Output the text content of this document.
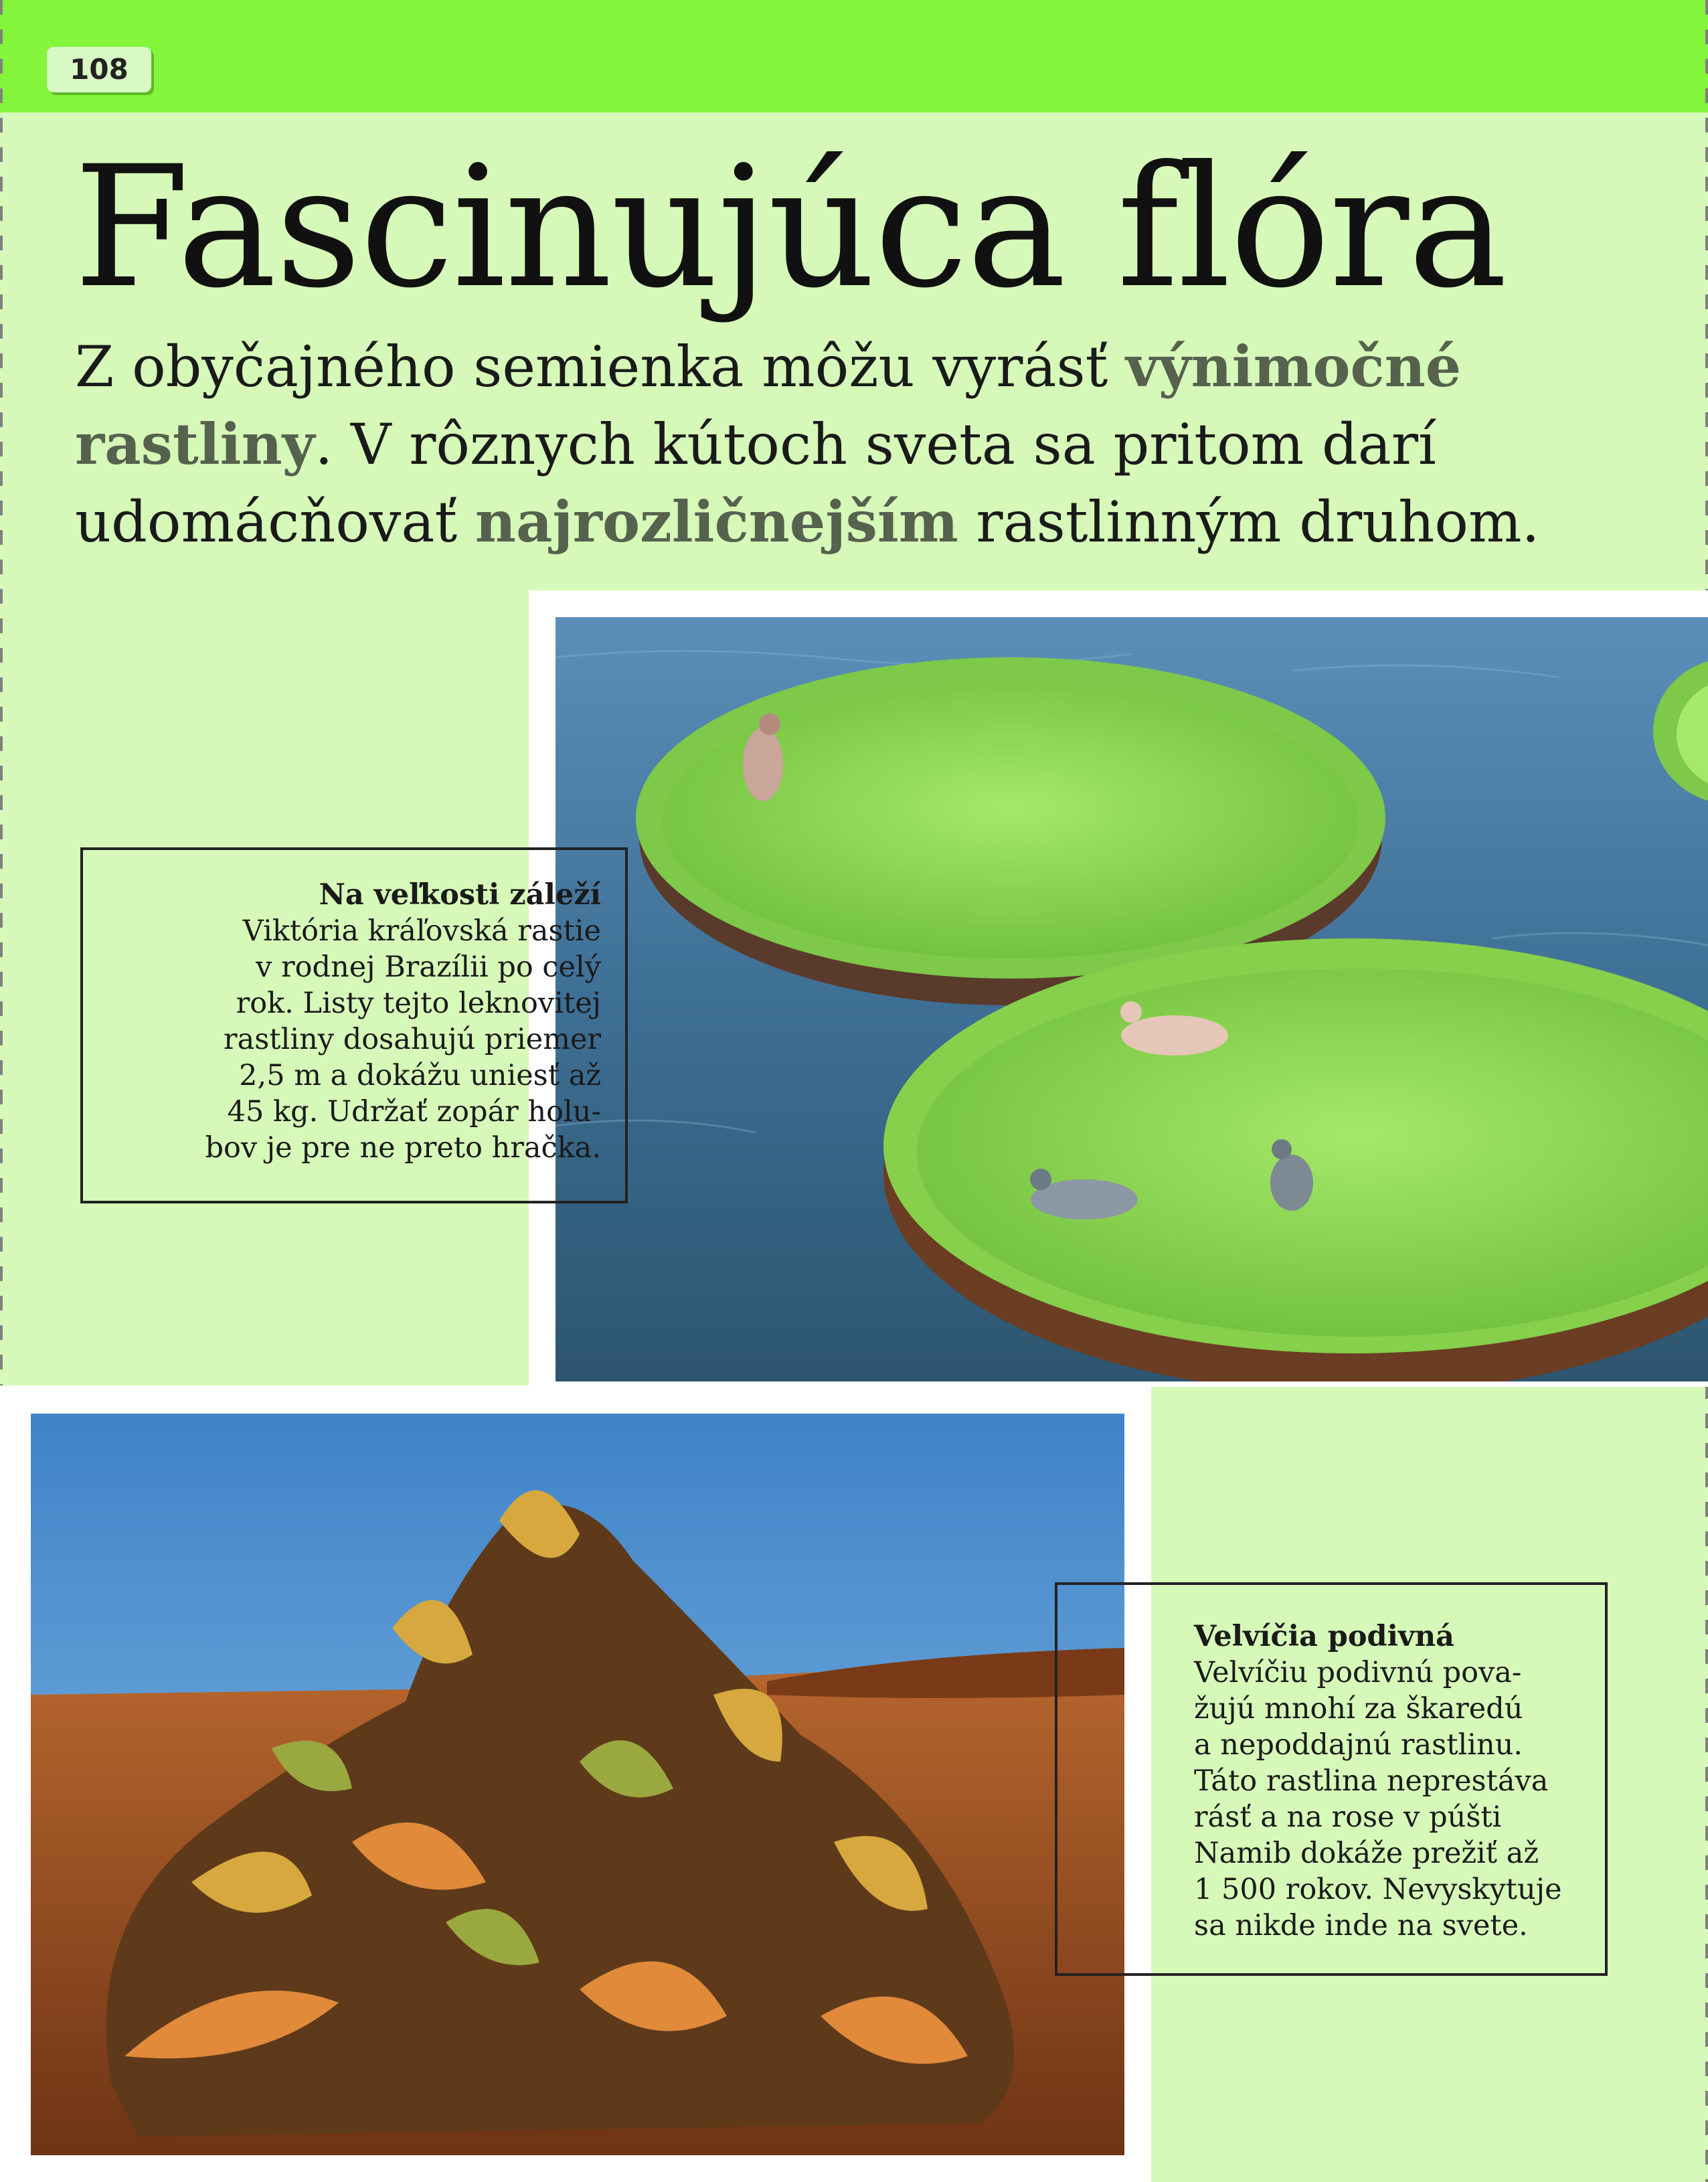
108
Fascinujúca flóra

Z obyčajného semienka môžu vyrásť výnimočné rastliny. V rôznych kútoch sveta sa pritom darí udomácňovať najrozličnejším rastlinným druhom.

Na veľkosti záleží
Viktória kráľovská rastie
v rodnej Brazílii po celý
rok. Listy tejto leknovitej
rastliny dosahujú priemer
2,5 m a dokážu uniesť až
45 kg. Udržať zopár holu-
bov je pre ne preto hračka.
Velvíčia podivná
Velvíčiu podivnú pova-
žujú mnohí za škaredú
a nepoddajnú rastlinu.
Táto rastlina neprestáva
rásť a na rose v púšti
Namib dokáže prežiť až
1 500 rokov. Nevyskytuje
sa nikde inde na svete.
